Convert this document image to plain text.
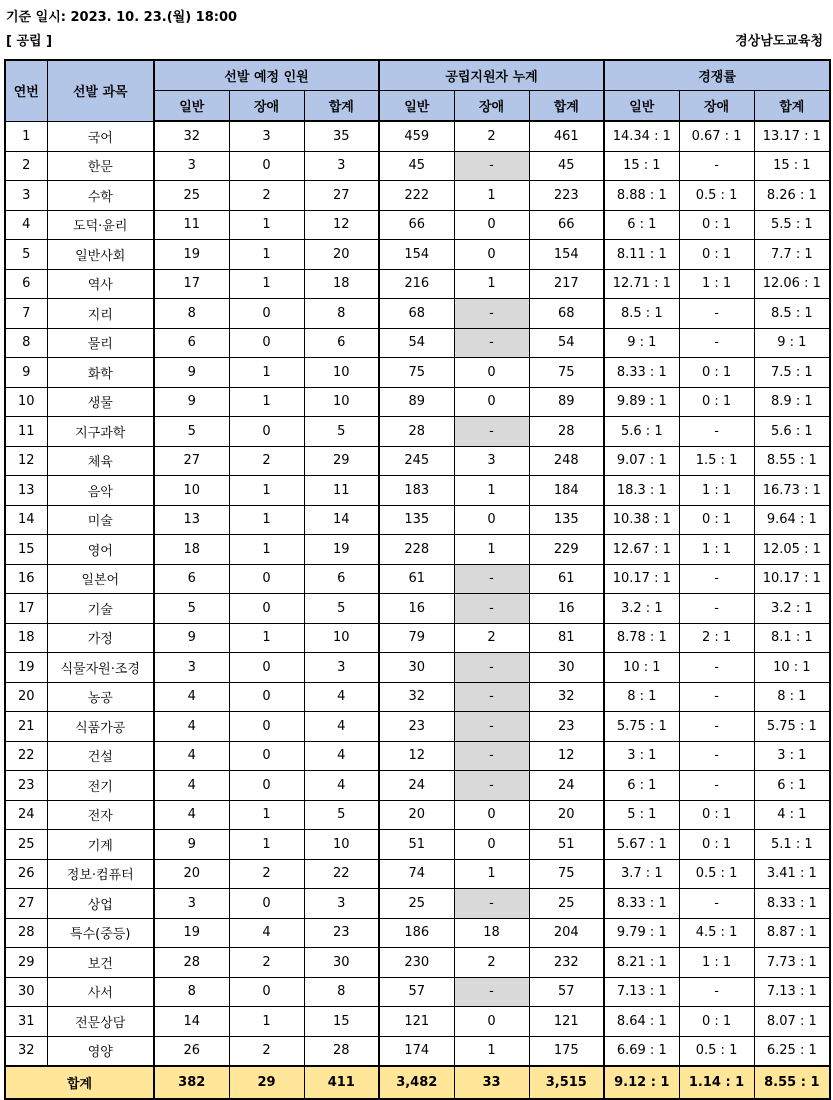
기준 일시: 2023. 10. 23.(월) 18:00
[ 공립 ]	경상남도교육청
연번	선발 과목	선발 예정 인원			공립지원자 누계			경쟁률		
		일반	장애	합계	일반	장애	합계	일반	장애	합계
1	국어	32	3	35	459	2	461	14.34 : 1	0.67 : 1	13.17 : 1
2	한문	3	0	3	45	-	45	15 : 1	-	15 : 1
3	수학	25	2	27	222	1	223	8.88 : 1	0.5 : 1	8.26 : 1
4	도덕·윤리	11	1	12	66	0	66	6 : 1	0 : 1	5.5 : 1
5	일반사회	19	1	20	154	0	154	8.11 : 1	0 : 1	7.7 : 1
6	역사	17	1	18	216	1	217	12.71 : 1	1 : 1	12.06 : 1
7	지리	8	0	8	68	-	68	8.5 : 1	-	8.5 : 1
8	물리	6	0	6	54	-	54	9 : 1	-	9 : 1
9	화학	9	1	10	75	0	75	8.33 : 1	0 : 1	7.5 : 1
10	생물	9	1	10	89	0	89	9.89 : 1	0 : 1	8.9 : 1
11	지구과학	5	0	5	28	-	28	5.6 : 1	-	5.6 : 1
12	체육	27	2	29	245	3	248	9.07 : 1	1.5 : 1	8.55 : 1
13	음악	10	1	11	183	1	184	18.3 : 1	1 : 1	16.73 : 1
14	미술	13	1	14	135	0	135	10.38 : 1	0 : 1	9.64 : 1
15	영어	18	1	19	228	1	229	12.67 : 1	1 : 1	12.05 : 1
16	일본어	6	0	6	61	-	61	10.17 : 1	-	10.17 : 1
17	기술	5	0	5	16	-	16	3.2 : 1	-	3.2 : 1
18	가정	9	1	10	79	2	81	8.78 : 1	2 : 1	8.1 : 1
19	식물자원·조경	3	0	3	30	-	30	10 : 1	-	10 : 1
20	농공	4	0	4	32	-	32	8 : 1	-	8 : 1
21	식품가공	4	0	4	23	-	23	5.75 : 1	-	5.75 : 1
22	건설	4	0	4	12	-	12	3 : 1	-	3 : 1
23	전기	4	0	4	24	-	24	6 : 1	-	6 : 1
24	전자	4	1	5	20	0	20	5 : 1	0 : 1	4 : 1
25	기계	9	1	10	51	0	51	5.67 : 1	0 : 1	5.1 : 1
26	정보·컴퓨터	20	2	22	74	1	75	3.7 : 1	0.5 : 1	3.41 : 1
27	상업	3	0	3	25	-	25	8.33 : 1	-	8.33 : 1
28	특수(중등)	19	4	23	186	18	204	9.79 : 1	4.5 : 1	8.87 : 1
29	보건	28	2	30	230	2	232	8.21 : 1	1 : 1	7.73 : 1
30	사서	8	0	8	57	-	57	7.13 : 1	-	7.13 : 1
31	전문상담	14	1	15	121	0	121	8.64 : 1	0 : 1	8.07 : 1
32	영양	26	2	28	174	1	175	6.69 : 1	0.5 : 1	6.25 : 1
합계		382	29	411	3,482	33	3,515	9.12 : 1	1.14 : 1	8.55 : 1
